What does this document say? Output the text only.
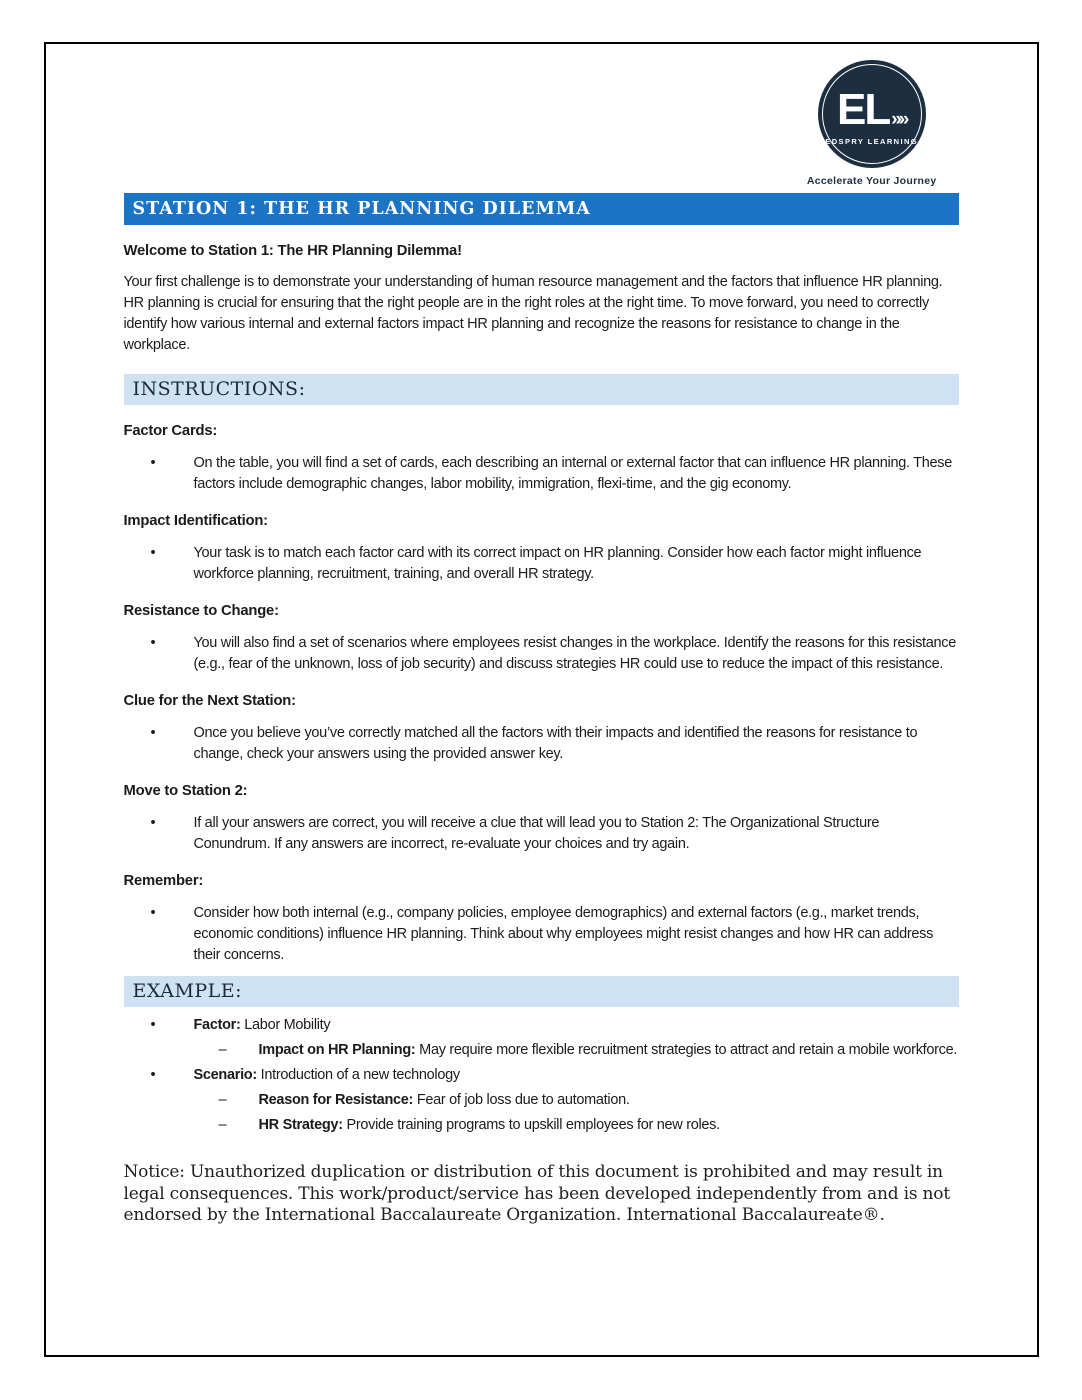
EL »»
EDSPRY LEARNING
Accelerate Your Journey
STATION 1: THE HR PLANNING DILEMMA

Welcome to Station 1: The HR Planning Dilemma!

Your first challenge is to demonstrate your understanding of human resource management and the factors that influence HR planning. HR planning is crucial for ensuring that the right people are in the right roles at the right time. To move forward, you need to correctly identify how various internal and external factors impact HR planning and recognize the reasons for resistance to change in the workplace.

INSTRUCTIONS:
Factor Cards:
• On the table, you will find a set of cards, each describing an internal or external factor that can influence HR planning. These factors include demographic changes, labor mobility, immigration, flexi-time, and the gig economy.
Impact Identification:
• Your task is to match each factor card with its correct impact on HR planning. Consider how each factor might influence workforce planning, recruitment, training, and overall HR strategy.
Resistance to Change:
• You will also find a set of scenarios where employees resist changes in the workplace. Identify the reasons for this resistance (e.g., fear of the unknown, loss of job security) and discuss strategies HR could use to reduce the impact of this resistance.
Clue for the Next Station:
• Once you believe you’ve correctly matched all the factors with their impacts and identified the reasons for resistance to change, check your answers using the provided answer key.
Move to Station 2:
• If all your answers are correct, you will receive a clue that will lead you to Station 2: The Organizational Structure Conundrum. If any answers are incorrect, re-evaluate your choices and try again.
Remember:
• Consider how both internal (e.g., company policies, employee demographics) and external factors (e.g., market trends, economic conditions) influence HR planning. Think about why employees might resist changes and how HR can address their concerns.
EXAMPLE:
• Factor: Labor Mobility
– Impact on HR Planning: May require more flexible recruitment strategies to attract and retain a mobile workforce.
• Scenario: Introduction of a new technology
– Reason for Resistance: Fear of job loss due to automation.
– HR Strategy: Provide training programs to upskill employees for new roles.

Notice: Unauthorized duplication or distribution of this document is prohibited and may result in legal consequences. This work/product/service has been developed independently from and is not endorsed by the International Baccalaureate Organization. International Baccalaureate®.
